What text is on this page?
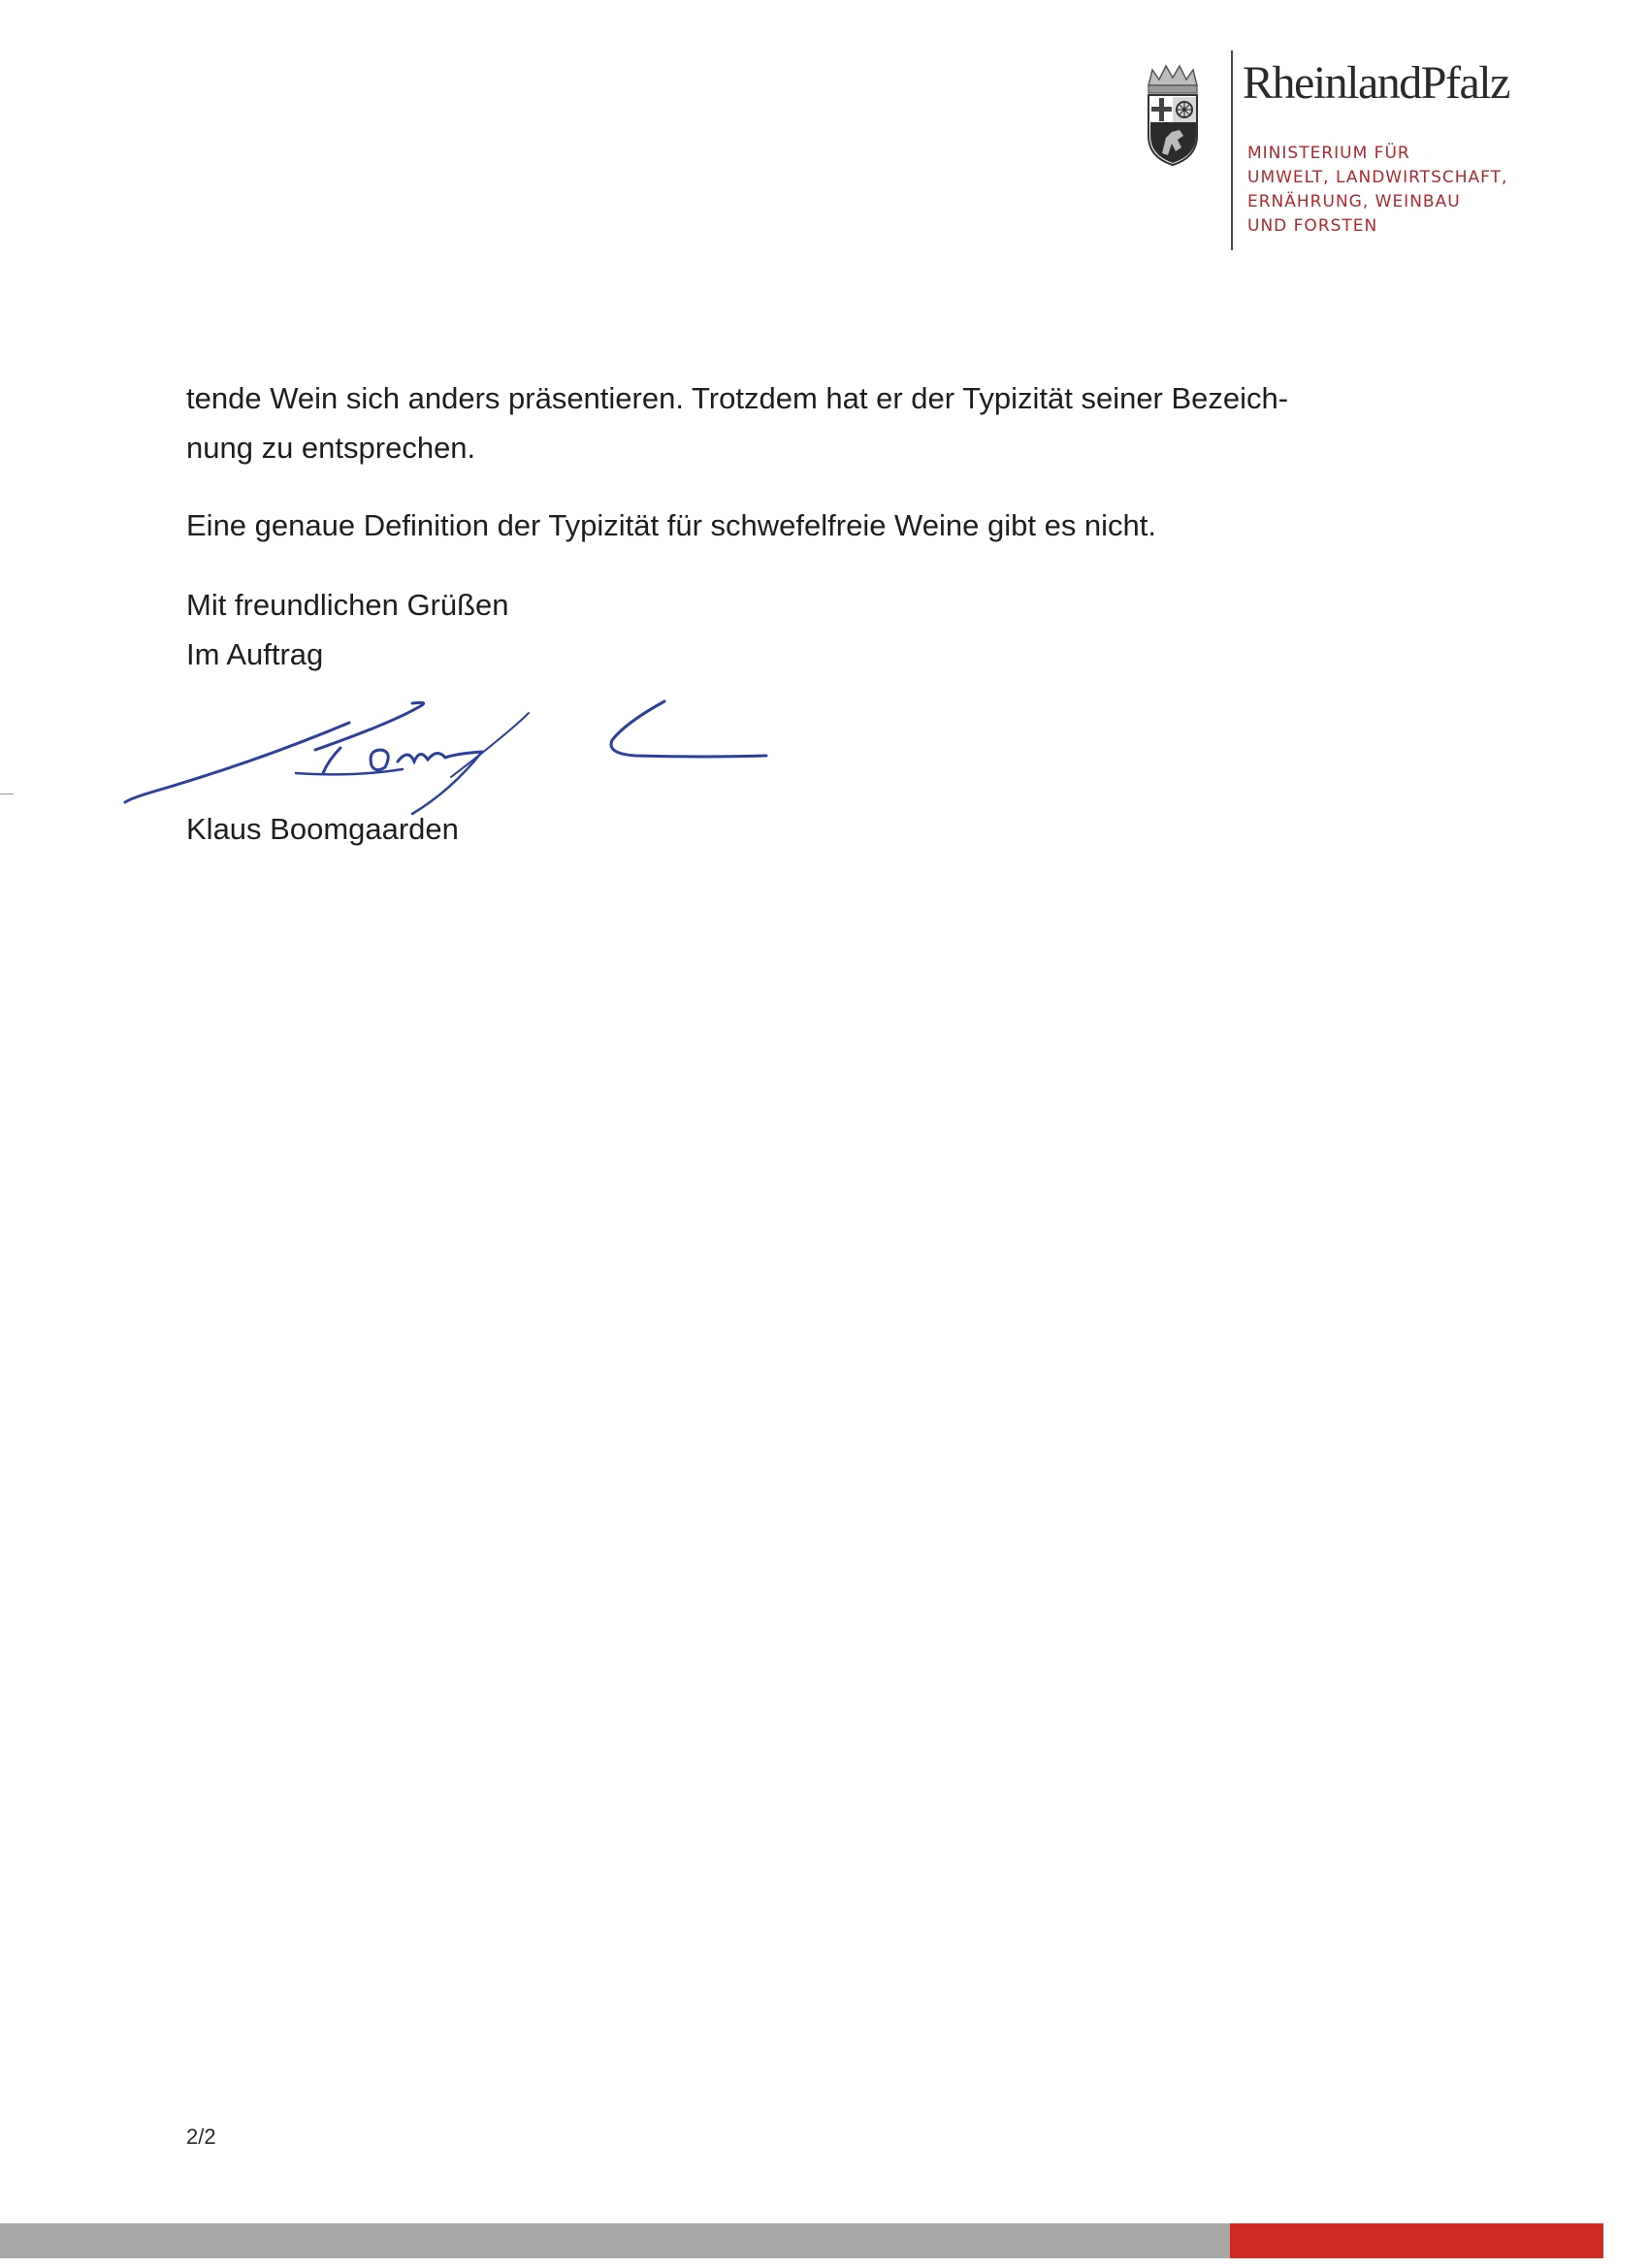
RheinlandPfalz
MINISTERIUM FÜR
UMWELT, LANDWIRTSCHAFT,
ERNÄHRUNG, WEINBAU
UND FORSTEN

tende Wein sich anders präsentieren. Trotzdem hat er der Typizität seiner Bezeich-

nung zu entsprechen.

Eine genaue Definition der Typizität für schwefelfreie Weine gibt es nicht.

Mit freundlichen Grüßen

Im Auftrag

Klaus Boomgaarden

2/2
